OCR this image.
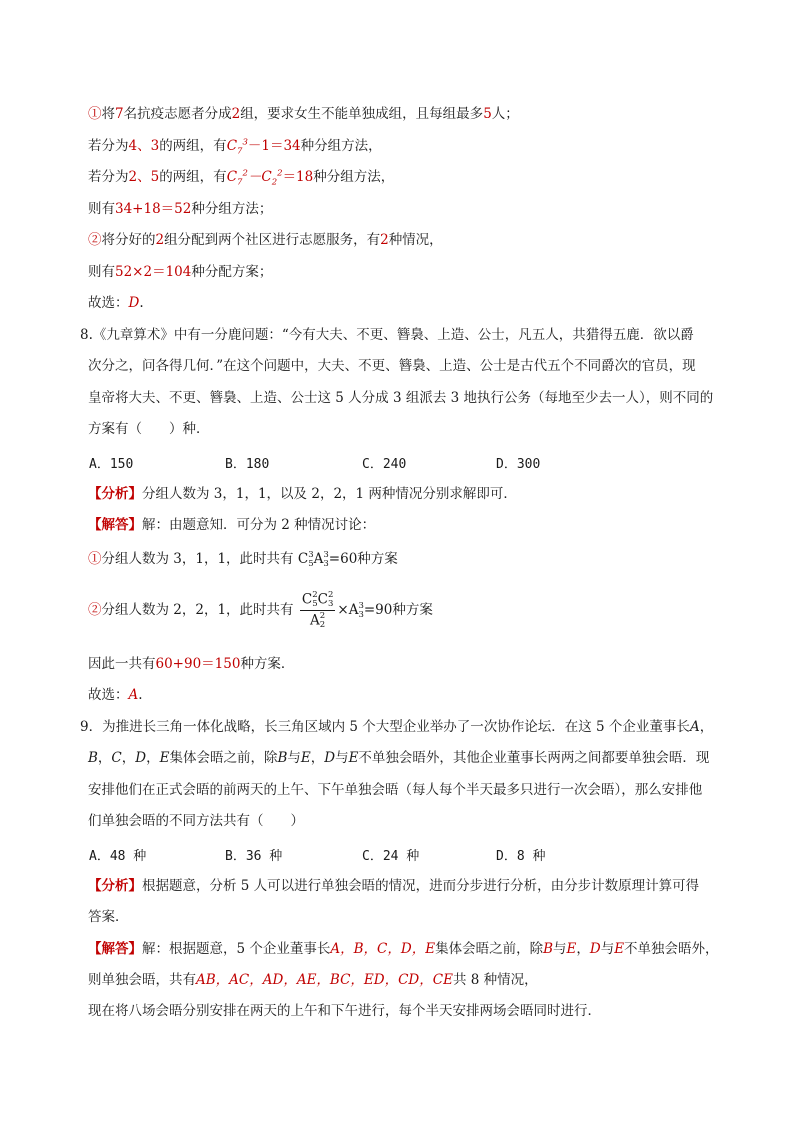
①将7名抗疫志愿者分成2组，要求女生不能单独成组，且每组最多5人；
若分为4、3的两组，有$C_7^3-1=34$种分组方法，
若分为2、5的两组，有$C_7^2-C_2^2=18$种分组方法，
则有34+18＝52种分组方法；
②将分好的2组分配到两个社区进行志愿服务，有2种情况，
则有52×2＝104种分配方案；
故选：D.
8.《九章算术》中有一分鹿问题：“今有大夫、不更、簪裊、上造、公士，凡五人，共猎得五鹿．欲以爵
次分之，问各得几何．”在这个问题中，大夫、不更、簪裊、上造、公士是古代五个不同爵次的官员，现
皇帝将大夫、不更、簪裊、上造、公士这 5 人分成 3 组派去 3 地执行公务（每地至少去一人），则不同的
方案有（　　）种．
A．150	B．180	C．240	D．300
【分析】分组人数为 3，1，1，以及 2，2，1 两种情况分别求解即可．
【解答】解：由题意知．可分为 2 种情况讨论：
①分组人数为 3，1，1，此时共有 C 3
5 A 3
3 =60种方案
②分组人数为 2，2，1，此时共有 C 2
5 C 2
3
A 2
2 ×A 3
3 =90种方案
因此一共有60+90＝150种方案．
故选：A.
9．为推进长三角一体化战略，长三角区域内 5 个大型企业举办了一次协作论坛．在这 5 个企业董事长A，
B，C，D，E集体会晤之前，除B与E，D与E不单独会晤外，其他企业董事长两两之间都要单独会晤．现
安排他们在正式会晤的前两天的上午、下午单独会晤（每人每个半天最多只进行一次会晤），那么安排他
们单独会晤的不同方法共有（　　）
A．48 种	B．36 种	C．24 种	D．8 种
【分析】根据题意，分析 5 人可以进行单独会晤的情况，进而分步进行分析，由分步计数原理计算可得
答案．
【解答】解：根据题意，5 个企业董事长A，B，C，D，E集体会晤之前，除B与E，D与E不单独会晤外，
则单独会晤，共有AB，AC，AD，AE，BC，ED，CD，CE共 8 种情况，
现在将八场会晤分别安排在两天的上午和下午进行，每个半天安排两场会晤同时进行．
